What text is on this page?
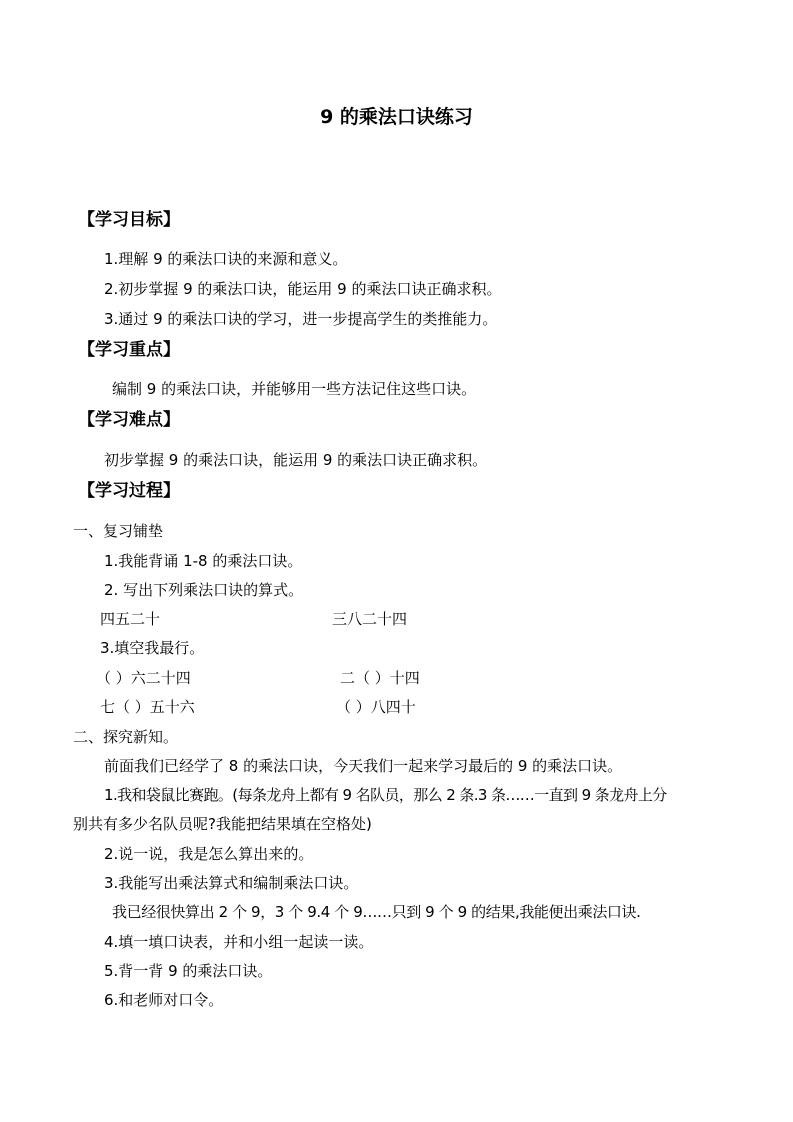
9 的乘法口诀练习
【学习目标】
1.理解 9 的乘法口诀的来源和意义。
2.初步掌握 9 的乘法口诀，能运用 9 的乘法口诀正确求积。
3.通过 9 的乘法口诀的学习，进一步提高学生的类推能力。
【学习重点】
编制 9 的乘法口诀，并能够用一些方法记住这些口诀。
【学习难点】
初步掌握 9 的乘法口诀，能运用 9 的乘法口诀正确求积。
【学习过程】
一、复习铺垫
1.我能背诵 1-8 的乘法口诀。
2. 写出下列乘法口诀的算式。
四五二十	三八二十四
3.填空我最行。
（ ）六二十四	二（ ）十四
七（ ）五十六	（ ）八四十
二、探究新知。
前面我们已经学了 8 的乘法口诀，今天我们一起来学习最后的 9 的乘法口诀。
1.我和袋鼠比赛跑。(每条龙舟上都有 9 名队员，那么 2 条.3 条……一直到 9 条龙舟上分
别共有多少名队员呢?我能把结果填在空格处)
2.说一说，我是怎么算出来的。
3.我能写出乘法算式和编制乘法口诀。
我已经很快算出 2 个 9，3 个 9.4 个 9……只到 9 个 9 的结果,我能便出乘法口诀.
4.填一填口诀表，并和小组一起读一读。
5.背一背 9 的乘法口诀。
6.和老师对口令。
